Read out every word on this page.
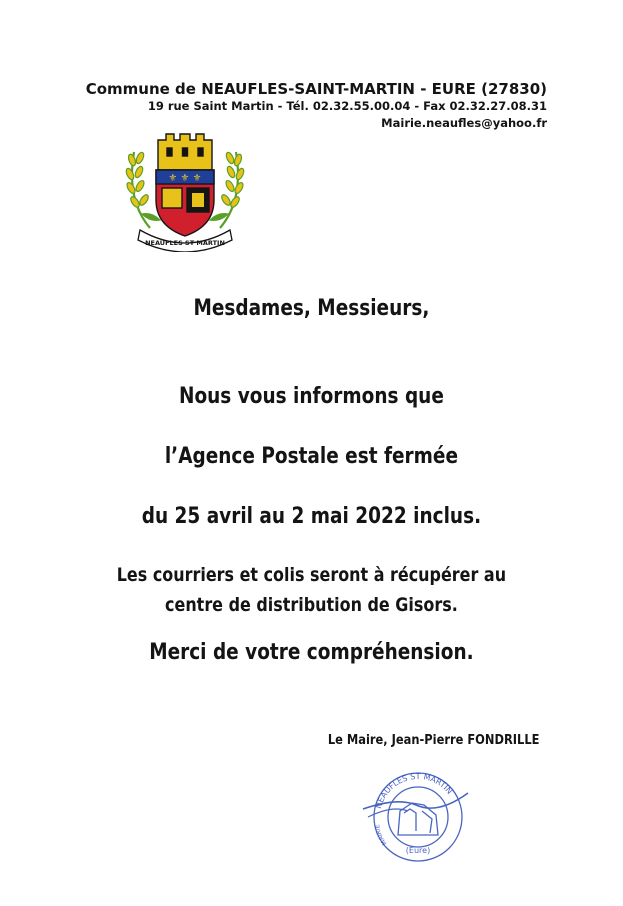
Commune de NEAUFLES-SAINT-MARTIN - EURE (27830)
19 rue Saint Martin - Tél. 02.32.55.00.04 - Fax 02.32.27.08.31
Mairie.neaufles@yahoo.fr
⚜ ⚜ ⚜
NEAUFLES ST MARTIN
Mesdames, Messieurs,
Nous vous informons que
l’Agence Postale est fermée
du 25 avril au 2 mai 2022 inclus.
Les courriers et colis seront à récupérer au
centre de distribution de Gisors.
Merci de votre compréhension.
Le Maire, Jean-Pierre FONDRILLE
NEAUFLES ST MARTIN
MAIRIE
(Eure)
